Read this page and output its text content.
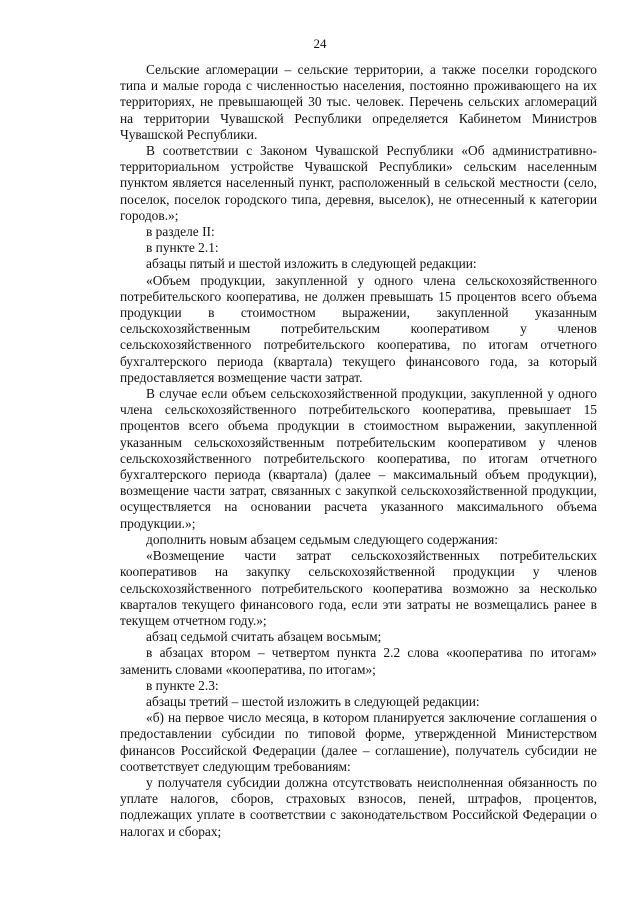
24

Сельские агломерации – сельские территории, а также поселки городского типа и малые города с численностью населения, постоянно проживающего на их территориях, не превышающей 30 тыс. человек. Перечень сельских агломераций на территории Чувашской Республики определяется Кабинетом Министров Чувашской Республики.

В соответствии с Законом Чувашской Республики «Об административно-территориальном устройстве Чувашской Республики» сельским населенным пунктом является населенный пункт, расположенный в сельской местности (село, поселок, поселок городского типа, деревня, выселок), не отнесенный к категории городов.»;

в разделе II:

в пункте 2.1:

абзацы пятый и шестой изложить в следующей редакции:

«Объем продукции, закупленной у одного члена сельскохозяйственного потребительского кооператива, не должен превышать 15 процентов всего объема продукции в стоимостном выражении, закупленной указанным сельскохозяйственным потребительским кооперативом у членов сельскохозяйственного потребительского кооператива, по итогам отчетного бухгалтерского периода (квартала) текущего финансового года, за который предоставляется возмещение части затрат.

В случае если объем сельскохозяйственной продукции, закупленной у одного члена сельскохозяйственного потребительского кооператива, превышает 15 процентов всего объема продукции в стоимостном выражении, закупленной указанным сельскохозяйственным потребительским кооперативом у членов сельскохозяйственного потребительского кооператива, по итогам отчетного бухгалтерского периода (квартала) (далее – максимальный объем продукции), возмещение части затрат, связанных с закупкой сельскохозяйственной продукции, осуществляется на основании расчета указанного максимального объема продукции.»;

дополнить новым абзацем седьмым следующего содержания:

«Возмещение части затрат сельскохозяйственных потребительских кооперативов на закупку сельскохозяйственной продукции у членов сельскохозяйственного потребительского кооператива возможно за несколько кварталов текущего финансового года, если эти затраты не возмещались ранее в текущем отчетном году.»;

абзац седьмой считать абзацем восьмым;

в абзацах втором – четвертом пункта 2.2 слова «кооператива по итогам» заменить словами «кооператива, по итогам»;

в пункте 2.3:

абзацы третий – шестой изложить в следующей редакции:

«б) на первое число месяца, в котором планируется заключение соглашения о предоставлении субсидии по типовой форме, утвержденной Министерством финансов Российской Федерации (далее – соглашение), получатель субсидии не соответствует следующим требованиям:

у получателя субсидии должна отсутствовать неисполненная обязанность по уплате налогов, сборов, страховых взносов, пеней, штрафов, процентов, подлежащих уплате в соответствии с законодательством Российской Федерации о налогах и сборах;
